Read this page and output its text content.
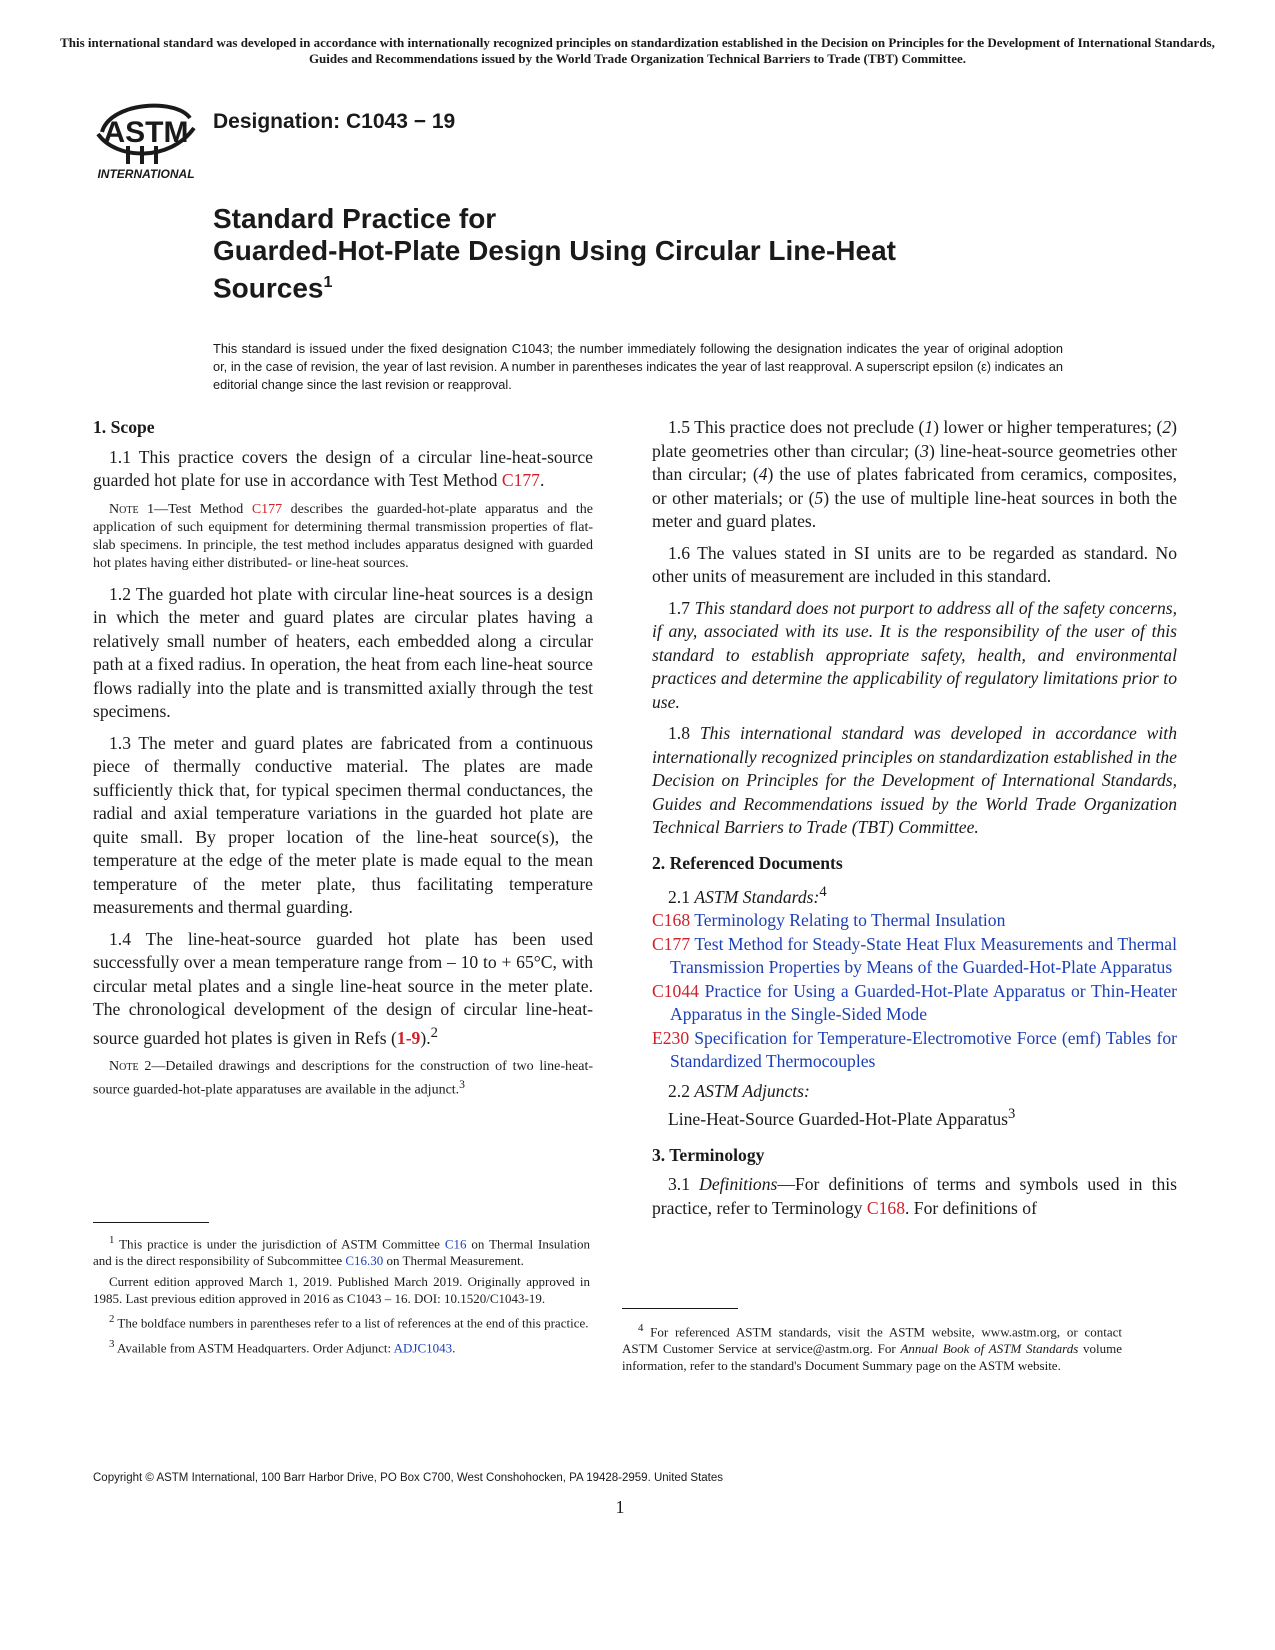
This international standard was developed in accordance with internationally recognized principles on standardization established in the Decision on Principles for the Development of International Standards, Guides and Recommendations issued by the World Trade Organization Technical Barriers to Trade (TBT) Committee.
ASTM
INTERNATIONAL
Designation: C1043 − 19
Standard Practice for
Guarded-Hot-Plate Design Using Circular Line-Heat
Sources$^1$
This standard is issued under the fixed designation C1043; the number immediately following the designation indicates the year of original adoption or, in the case of revision, the year of last revision. A number in parentheses indicates the year of last reapproval. A superscript epsilon (ε) indicates an editorial change since the last revision or reapproval.

1. Scope

1.1 This practice covers the design of a circular line-heat-source guarded hot plate for use in accordance with Test Method C177.

Note 1—Test Method C177 describes the guarded-hot-plate apparatus and the application of such equipment for determining thermal transmission properties of flat-slab specimens. In principle, the test method includes apparatus designed with guarded hot plates having either distributed- or line-heat sources.

1.2 The guarded hot plate with circular line-heat sources is a design in which the meter and guard plates are circular plates having a relatively small number of heaters, each embedded along a circular path at a fixed radius. In operation, the heat from each line-heat source flows radially into the plate and is transmitted axially through the test specimens.

1.3 The meter and guard plates are fabricated from a continuous piece of thermally conductive material. The plates are made sufficiently thick that, for typical specimen thermal conductances, the radial and axial temperature variations in the guarded hot plate are quite small. By proper location of the line-heat source(s), the temperature at the edge of the meter plate is made equal to the mean temperature of the meter plate, thus facilitating temperature measurements and thermal guarding.

1.4 The line-heat-source guarded hot plate has been used successfully over a mean temperature range from – 10 to + 65°C, with circular metal plates and a single line-heat source in the meter plate. The chronological development of the design of circular line-heat-source guarded hot plates is given in Refs (1-9).$^2$

Note 2—Detailed drawings and descriptions for the construction of two line-heat-source guarded-hot-plate apparatuses are available in the adjunct.$^3$

$^1$ This practice is under the jurisdiction of ASTM Committee C16 on Thermal Insulation and is the direct responsibility of Subcommittee C16.30 on Thermal Measurement.

Current edition approved March 1, 2019. Published March 2019. Originally approved in 1985. Last previous edition approved in 2016 as C1043 – 16. DOI: 10.1520/C1043-19.

$^2$ The boldface numbers in parentheses refer to a list of references at the end of this practice.

$^3$ Available from ASTM Headquarters. Order Adjunct: ADJC1043.

1.5 This practice does not preclude (1) lower or higher temperatures; (2) plate geometries other than circular; (3) line-heat-source geometries other than circular; (4) the use of plates fabricated from ceramics, composites, or other materials; or (5) the use of multiple line-heat sources in both the meter and guard plates.

1.6 The values stated in SI units are to be regarded as standard. No other units of measurement are included in this standard.

1.7 This standard does not purport to address all of the safety concerns, if any, associated with its use. It is the responsibility of the user of this standard to establish appropriate safety, health, and environmental practices and determine the applicability of regulatory limitations prior to use.

1.8 This international standard was developed in accordance with internationally recognized principles on standardization established in the Decision on Principles for the Development of International Standards, Guides and Recommendations issued by the World Trade Organization Technical Barriers to Trade (TBT) Committee.

2. Referenced Documents

2.1 ASTM Standards:$^4$

C168 Terminology Relating to Thermal Insulation

C177 Test Method for Steady-State Heat Flux Measurements and Thermal Transmission Properties by Means of the Guarded-Hot-Plate Apparatus

C1044 Practice for Using a Guarded-Hot-Plate Apparatus or Thin-Heater Apparatus in the Single-Sided Mode

E230 Specification for Temperature-Electromotive Force (emf) Tables for Standardized Thermocouples

2.2 ASTM Adjuncts:

Line-Heat-Source Guarded-Hot-Plate Apparatus$^3$

3. Terminology

3.1 Definitions—For definitions of terms and symbols used in this practice, refer to Terminology C168. For definitions of

$^4$ For referenced ASTM standards, visit the ASTM website, www.astm.org, or contact ASTM Customer Service at service@astm.org. For Annual Book of ASTM Standards volume information, refer to the standard's Document Summary page on the ASTM website.

Copyright © ASTM International, 100 Barr Harbor Drive, PO Box C700, West Conshohocken, PA 19428-2959. United States
1
